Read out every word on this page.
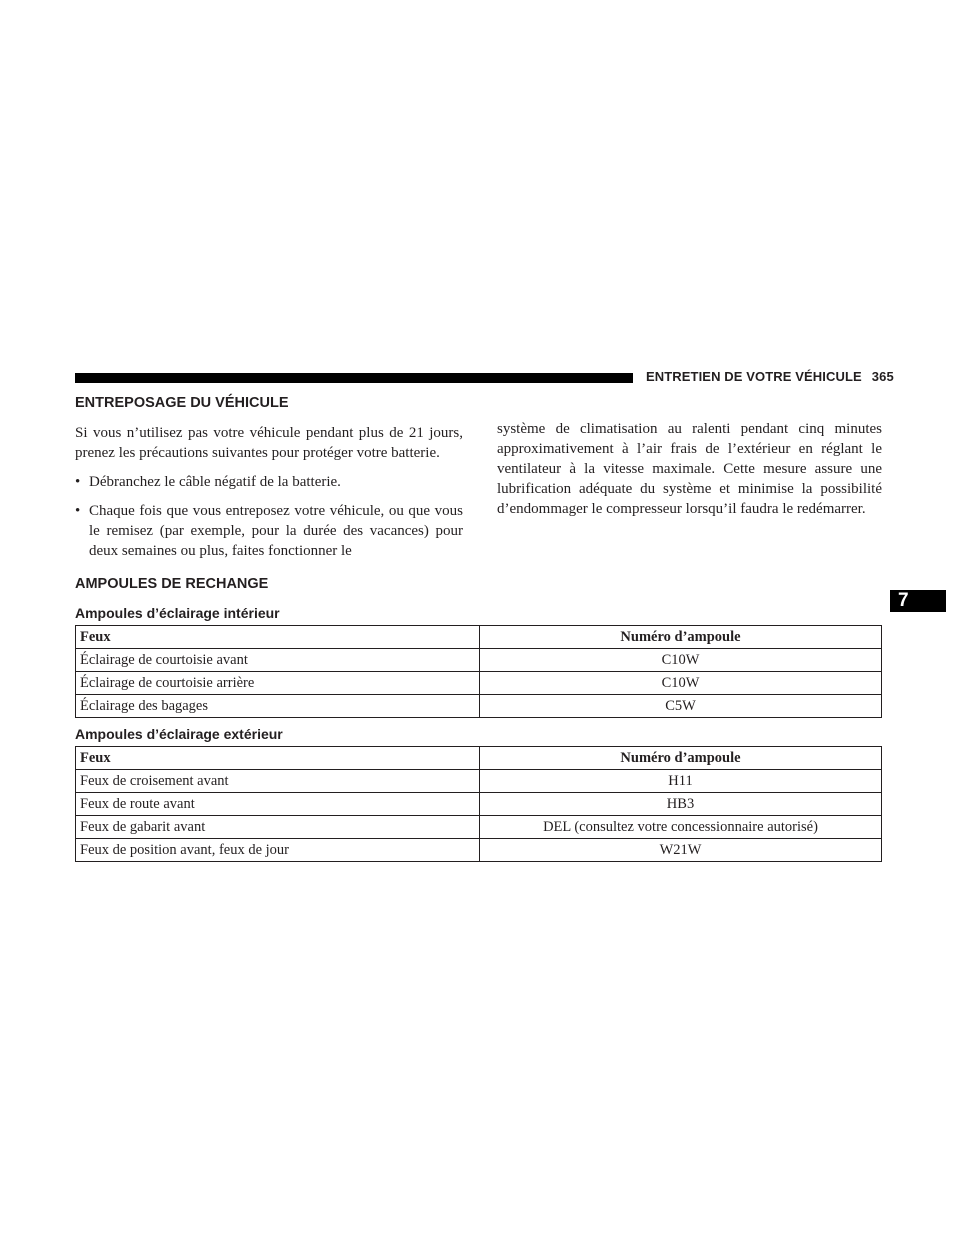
ENTRETIEN DE VOTRE VÉHICULE 365
7
ENTREPOSAGE DU VÉHICULE

Si vous n’utilisez pas votre véhicule pendant plus de 21 jours, prenez les précautions suivantes pour protéger votre batterie.

• Débranchez le câble négatif de la batterie.
• Chaque fois que vous entreposez votre véhicule, ou que vous le remisez (par exemple, pour la durée des vacances) pour deux semaines ou plus, faites fonctionner le

système de climatisation au ralenti pendant cinq minutes approximativement à l’air frais de l’extérieur en réglant le ventilateur à la vitesse maximale. Cette mesure assure une lubrification adéquate du système et minimise la possibilité d’endommager le compresseur lorsqu’il faudra le redémarrer.

AMPOULES DE RECHANGE
Ampoules d’éclairage intérieur
Feux	Numéro d’ampoule
Éclairage de courtoisie avant	C10W
Éclairage de courtoisie arrière	C10W
Éclairage des bagages	C5W
Ampoules d’éclairage extérieur
Feux	Numéro d’ampoule
Feux de croisement avant	H11
Feux de route avant	HB3
Feux de gabarit avant	DEL (consultez votre concessionnaire autorisé)
Feux de position avant, feux de jour	W21W
